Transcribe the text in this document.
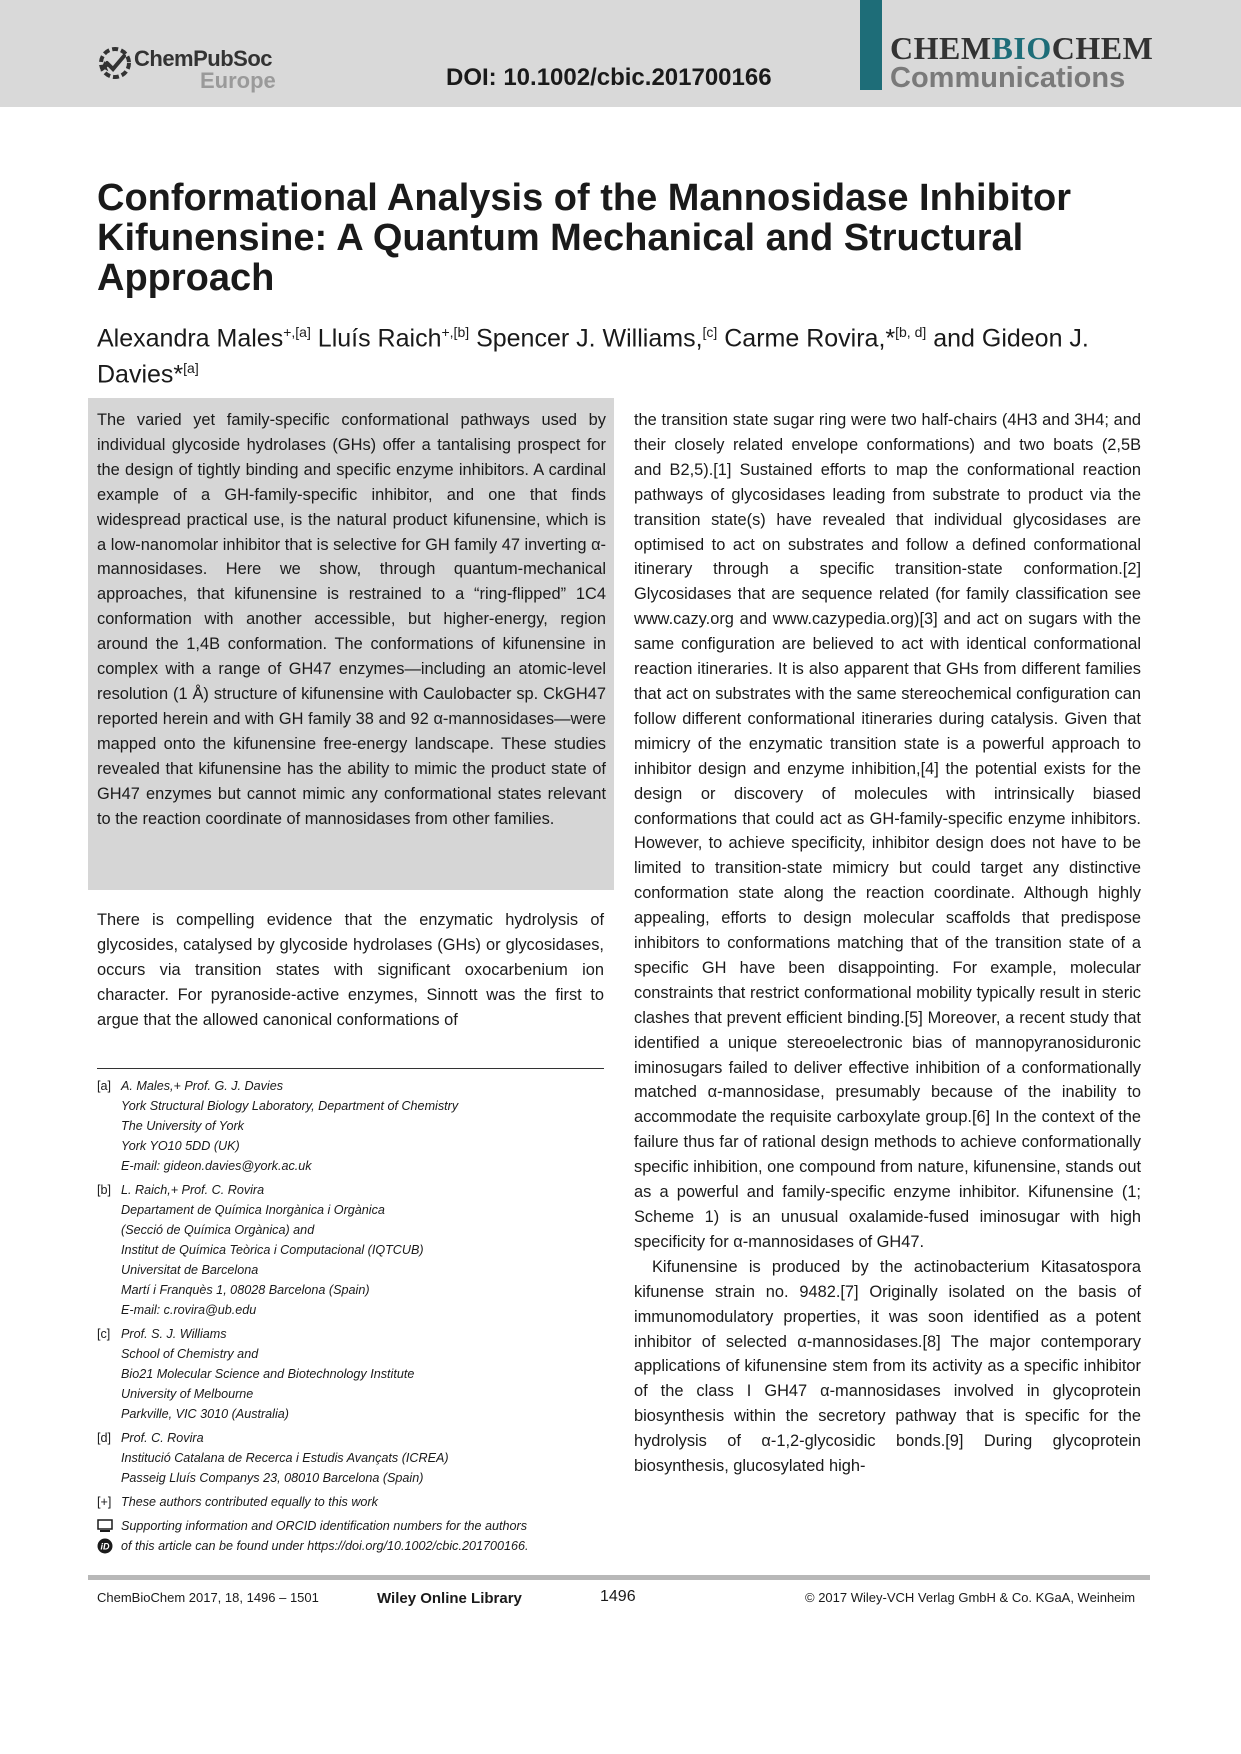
ChemPubSoc
Europe	DOI: 10.1002/cbic.201700166
CHEMBIOCHEM
Communications
Conformational Analysis of the Mannosidase Inhibitor Kifunensine: A Quantum Mechanical and Structural Approach
Alexandra Males$^{+,[a]}$ Lluís Raich$^{+,[b]}$ Spencer J. Williams,[c] Carme Rovira,*[b, d] and Gideon J. Davies*[a]

The varied yet family-specific conformational pathways used by individual glycoside hydrolases (GHs) offer a tantalising prospect for the design of tightly binding and specific enzyme inhibitors. A cardinal example of a GH-family-specific inhibitor, and one that finds widespread practical use, is the natural product kifunensine, which is a low-nanomolar inhibitor that is selective for GH family 47 inverting α-mannosidases. Here we show, through quantum-mechanical approaches, that kifunensine is restrained to a “ring-flipped” 1C4 conformation with another accessible, but higher-energy, region around the 1,4B conformation. The conformations of kifunensine in complex with a range of GH47 enzymes—including an atomic-level resolution (1 Å) structure of kifunensine with Caulobacter sp. CkGH47 reported herein and with GH family 38 and 92 α-mannosidases—were mapped onto the kifunensine free-energy landscape. These studies revealed that kifunensine has the ability to mimic the product state of GH47 enzymes but cannot mimic any conformational states relevant to the reaction coordinate of mannosidases from other families.

There is compelling evidence that the enzymatic hydrolysis of glycosides, catalysed by glycoside hydrolases (GHs) or glycosidases, occurs via transition states with significant oxocarbenium ion character. For pyranoside-active enzymes, Sinnott was the first to argue that the allowed canonical conformations of

[a] A. Males,+ Prof. G. J. Davies
York Structural Biology Laboratory, Department of Chemistry
The University of York
York YO10 5DD (UK)
E-mail: gideon.davies@york.ac.uk
[b] L. Raich,+ Prof. C. Rovira
Departament de Química Inorgànica i Orgànica
(Secció de Química Orgànica) and
Institut de Química Teòrica i Computacional (IQTCUB)
Universitat de Barcelona
Martí i Franquès 1, 08028 Barcelona (Spain)
E-mail: c.rovira@ub.edu
[c] Prof. S. J. Williams
School of Chemistry and
Bio21 Molecular Science and Biotechnology Institute
University of Melbourne
Parkville, VIC 3010 (Australia)
[d] Prof. C. Rovira
Institució Catalana de Recerca i Estudis Avançats (ICREA)
Passeig Lluís Companys 23, 08010 Barcelona (Spain)
[+] These authors contributed equally to this work
iD
Supporting information and ORCID identification numbers for the authors
of this article can be found under https://doi.org/10.1002/cbic.201700166.

the transition state sugar ring were two half-chairs (4H3 and 3H4; and their closely related envelope conformations) and two boats (2,5B and B2,5).[1] Sustained efforts to map the conformational reaction pathways of glycosidases leading from substrate to product via the transition state(s) have revealed that individual glycosidases are optimised to act on substrates and follow a defined conformational itinerary through a specific transition-state conformation.[2] Glycosidases that are sequence related (for family classification see www.cazy.org and www.cazypedia.org)[3] and act on sugars with the same configuration are believed to act with identical conformational reaction itineraries. It is also apparent that GHs from different families that act on substrates with the same stereochemical configuration can follow different conformational itineraries during catalysis. Given that mimicry of the enzymatic transition state is a powerful approach to inhibitor design and enzyme inhibition,[4] the potential exists for the design or discovery of molecules with intrinsically biased conformations that could act as GH-family-specific enzyme inhibitors. However, to achieve specificity, inhibitor design does not have to be limited to transition-state mimicry but could target any distinctive conformation state along the reaction coordinate. Although highly appealing, efforts to design molecular scaffolds that predispose inhibitors to conformations matching that of the transition state of a specific GH have been disappointing. For example, molecular constraints that restrict conformational mobility typically result in steric clashes that prevent efficient binding.[5] Moreover, a recent study that identified a unique stereoelectronic bias of mannopyranosiduronic iminosugars failed to deliver effective inhibition of a conformationally matched α-mannosidase, presumably because of the inability to accommodate the requisite carboxylate group.[6] In the context of the failure thus far of rational design methods to achieve conformationally specific inhibition, one compound from nature, kifunensine, stands out as a powerful and family-specific enzyme inhibitor. Kifunensine (1; Scheme 1) is an unusual oxalamide-fused iminosugar with high specificity for α-mannosidases of GH47.

Kifunensine is produced by the actinobacterium Kitasatospora kifunense strain no. 9482.[7] Originally isolated on the basis of immunomodulatory properties, it was soon identified as a potent inhibitor of selected α-mannosidases.[8] The major contemporary applications of kifunensine stem from its activity as a specific inhibitor of the class I GH47 α-mannosidases involved in glycoprotein biosynthesis within the secretory pathway that is specific for the hydrolysis of α-1,2-glycosidic bonds.[9] During glycoprotein biosynthesis, glucosylated high-

ChemBioChem 2017, 18, 1496 – 1501	Wiley Online Library	1496	© 2017 Wiley-VCH Verlag GmbH & Co. KGaA, Weinheim
